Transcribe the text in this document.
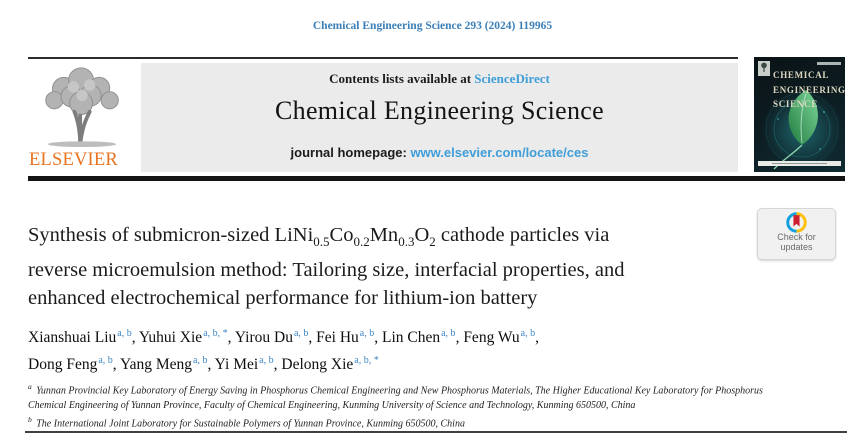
Chemical Engineering Science 293 (2024) 119965
ELSEVIER
Contents lists available at ScienceDirect
Chemical Engineering Science
journal homepage: www.elsevier.com/locate/ces
CHEMICAL
ENGINEERING
SCIENCE
Check for
updates
Synthesis of submicron-sized $LiNi_{0.5}Co_{0.2}Mn_{0.3}O_2$ cathode particles via
reverse microemulsion method: Tailoring size, interfacial properties, and
enhanced electrochemical performance for lithium-ion battery
Xianshuai Liu$^{a, b}$, Yuhui Xie$^{a, b, *}$, Yirou Du$^{a, b}$, Fei Hu$^{a, b}$, Lin Chen$^{a, b}$, Feng Wu$^{a, b}$,
Dong Feng$^{a, b}$, Yang Meng$^{a, b}$, Yi Mei$^{a, b}$, Delong Xie$^{a, b, *}$
$^a$ Yunnan Provincial Key Laboratory of Energy Saving in Phosphorus Chemical Engineering and New Phosphorus Materials, The Higher Educational Key Laboratory for Phosphorus Chemical Engineering of Yunnan Province, Faculty of Chemical Engineering, Kunming University of Science and Technology, Kunming 650500, China
$^b$ The International Joint Laboratory for Sustainable Polymers of Yunnan Province, Kunming 650500, China
